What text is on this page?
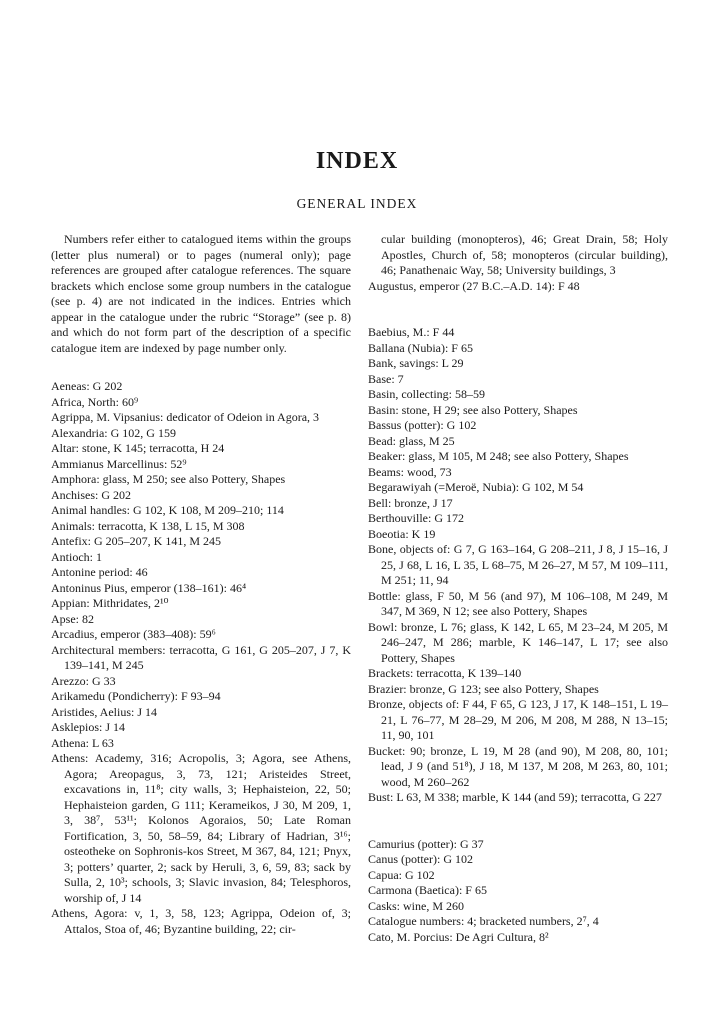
INDEX
GENERAL INDEX

Numbers refer either to catalogued items within the groups (letter plus numeral) or to pages (numeral only); page references are grouped after catalogue references. The square brackets which enclose some group numbers in the catalogue (see p. 4) are not indicated in the indices. Entries which appear in the catalogue under the rubric “Storage” (see p. 8) and which do not form part of the description of a specific catalogue item are indexed by page number only.

Aeneas: G 202

Africa, North: 60⁹

Agrippa, M. Vipsanius: dedicator of Odeion in Agora, 3

Alexandria: G 102, G 159

Altar: stone, K 145; terracotta, H 24

Ammianus Marcellinus: 52⁹

Amphora: glass, M 250; see also Pottery, Shapes

Anchises: G 202

Animal handles: G 102, K 108, M 209–210; 114

Animals: terracotta, K 138, L 15, M 308

Antefix: G 205–207, K 141, M 245

Antioch: 1

Antonine period: 46

Antoninus Pius, emperor (138–161): 46⁴

Appian: Mithridates, 2¹⁰

Apse: 82

Arcadius, emperor (383–408): 59⁶

Architectural members: terracotta, G 161, G 205–207, J 7, K 139–141, M 245

Arezzo: G 33

Arikamedu (Pondicherry): F 93–94

Aristides, Aelius: J 14

Asklepios: J 14

Athena: L 63

Athens: Academy, 316; Acropolis, 3; Agora, see Athens, Agora; Areopagus, 3, 73, 121; Aristeides Street, excavations in, 11⁸; city walls, 3; Hephaisteion, 22, 50; Hephaisteion garden, G 111; Kerameikos, J 30, M 209, 1, 3, 38⁷, 53¹¹; Kolonos Agoraios, 50; Late Roman Fortification, 3, 50, 58–59, 84; Library of Hadrian, 3¹⁶; osteotheke on Sophronis-kos Street, M 367, 84, 121; Pnyx, 3; potters’ quarter, 2; sack by Heruli, 3, 6, 59, 83; sack by Sulla, 2, 10³; schools, 3; Slavic invasion, 84; Telesphoros, worship of, J 14

Athens, Agora: v, 1, 3, 58, 123; Agrippa, Odeion of, 3; Attalos, Stoa of, 46; Byzantine building, 22; cir-

cular building (monopteros), 46; Great Drain, 58; Holy Apostles, Church of, 58; monopteros (circular building), 46; Panathenaic Way, 58; University buildings, 3

Augustus, emperor (27 B.C.–A.D. 14): F 48

Baebius, M.: F 44

Ballana (Nubia): F 65

Bank, savings: L 29

Base: 7

Basin, collecting: 58–59

Basin: stone, H 29; see also Pottery, Shapes

Bassus (potter): G 102

Bead: glass, M 25

Beaker: glass, M 105, M 248; see also Pottery, Shapes

Beams: wood, 73

Begarawiyah (=Meroë, Nubia): G 102, M 54

Bell: bronze, J 17

Berthouville: G 172

Boeotia: K 19

Bone, objects of: G 7, G 163–164, G 208–211, J 8, J 15–16, J 25, J 68, L 16, L 35, L 68–75, M 26–27, M 57, M 109–111, M 251; 11, 94

Bottle: glass, F 50, M 56 (and 97), M 106–108, M 249, M 347, M 369, N 12; see also Pottery, Shapes

Bowl: bronze, L 76; glass, K 142, L 65, M 23–24, M 205, M 246–247, M 286; marble, K 146–147, L 17; see also Pottery, Shapes

Brackets: terracotta, K 139–140

Brazier: bronze, G 123; see also Pottery, Shapes

Bronze, objects of: F 44, F 65, G 123, J 17, K 148–151, L 19–21, L 76–77, M 28–29, M 206, M 208, M 288, N 13–15; 11, 90, 101

Bucket: 90; bronze, L 19, M 28 (and 90), M 208, 80, 101; lead, J 9 (and 51⁸), J 18, M 137, M 208, M 263, 80, 101; wood, M 260–262

Bust: L 63, M 338; marble, K 144 (and 59); terracotta, G 227

Camurius (potter): G 37

Canus (potter): G 102

Capua: G 102

Carmona (Baetica): F 65

Casks: wine, M 260

Catalogue numbers: 4; bracketed numbers, 2⁷, 4

Cato, M. Porcius: De Agri Cultura, 8²
